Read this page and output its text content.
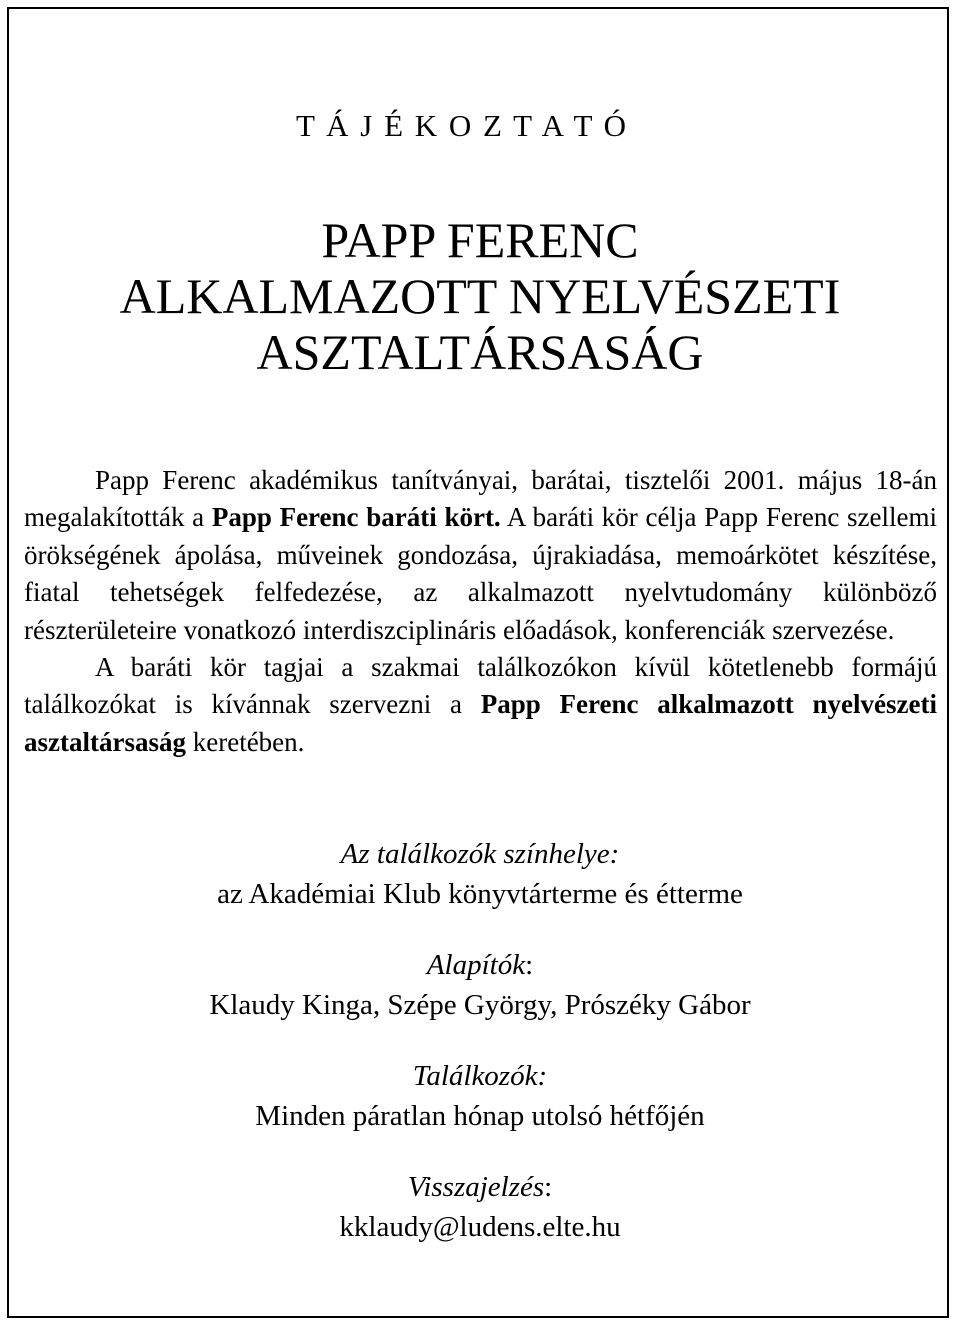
T Á J É K O Z T A T Ó
PAPP FERENC
ALKALMAZOTT NYELVÉSZETI
ASZTALTÁRSASÁG

Papp Ferenc akadémikus tanítványai, barátai, tisztelői 2001. május 18-án megalakították a Papp Ferenc baráti kört. A baráti kör célja Papp Ferenc szellemi örökségének ápolása, műveinek gondozása, újrakiadása, memoárkötet készítése, fiatal tehetségek felfedezése, az alkalmazott nyelvtudomány különböző részterületeire vonatkozó interdiszciplináris előadások, konferenciák szervezése.

A baráti kör tagjai a szakmai találkozókon kívül kötetlenebb formájú találkozókat is kívánnak szervezni a Papp Ferenc alkalmazott nyelvészeti asztaltársaság keretében.

Az találkozók színhelye:
az Akadémiai Klub könyvtárterme és étterme
Alapítók:
Klaudy Kinga, Szépe György, Prószéky Gábor
Találkozók:
Minden páratlan hónap utolsó hétfőjén
Visszajelzés:
kklaudy@ludens.elte.hu
